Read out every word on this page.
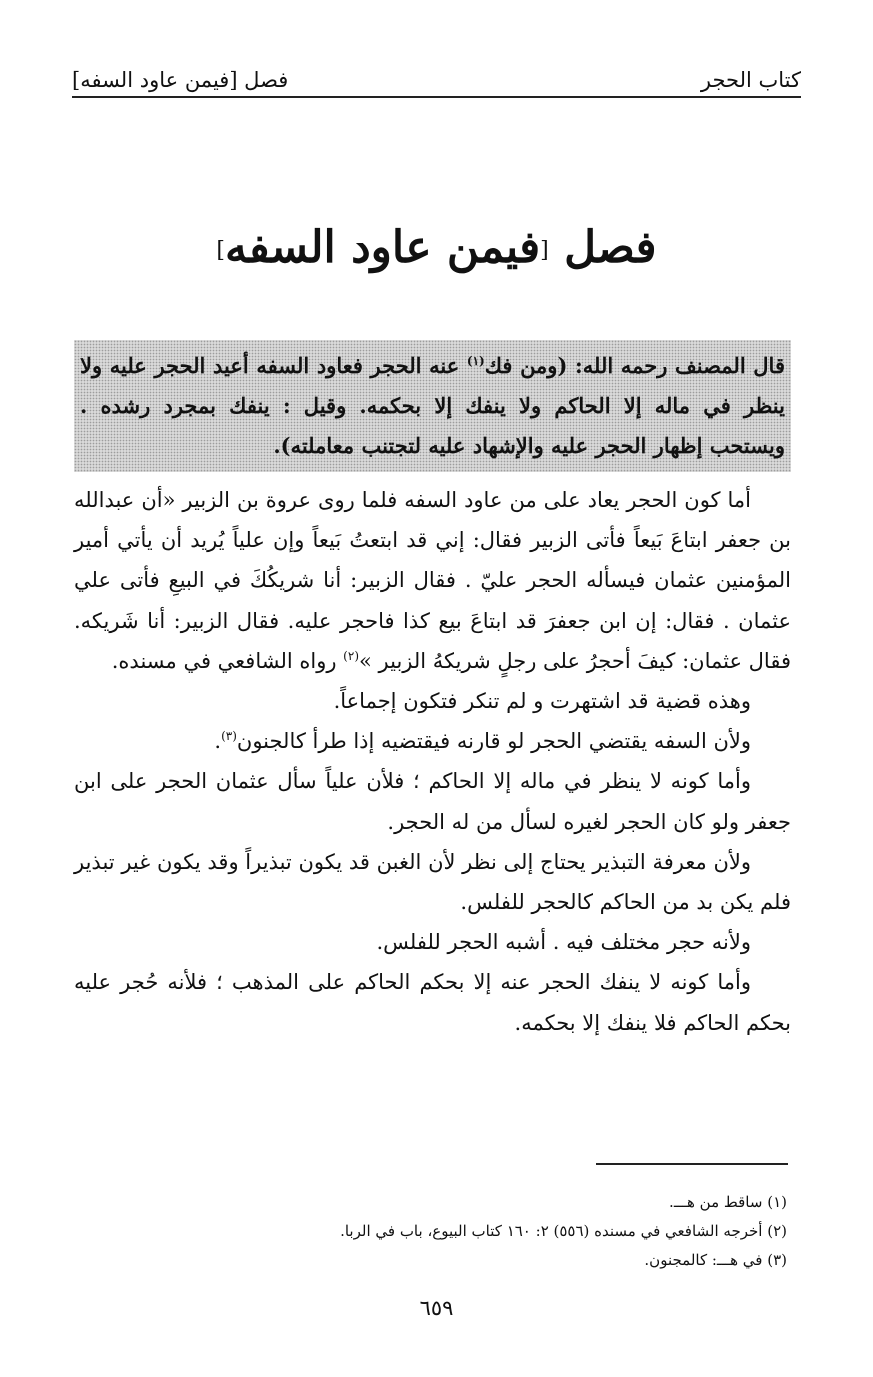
كتاب الحجر
فصل [فيمن عاود السفه]
فصل [فيمن عاود السفه]
قال المصنف رحمه الله: (ومن فك$^{(١)}$ عنه الحجر فعاود السفه أعيد الحجر عليه ولا ينظر في ماله إلا الحاكم ولا ينفك إلا بحكمه. وقيل : ينفك بمجرد رشده . ويستحب إظهار الحجر عليه والإشهاد عليه لتجتنب معاملته).

أما كون الحجر يعاد على من عاود السفه فلما روى عروة بن الزبير «أن عبدالله بن جعفر ابتاعَ بَيعاً فأتى الزبير فقال: إني قد ابتعتُ بَيعاً وإن علياً يُريد أن يأتي أمير المؤمنين عثمان فيسأله الحجر عليّ . فقال الزبير: أنا شريكُكَ في البيعِ فأتى علي عثمان . فقال: إن ابن جعفرَ قد ابتاعَ بيع كذا فاحجر عليه. فقال الزبير: أنا شَريكه. فقال عثمان: كيفَ أحجرُ على رجلٍ شريكهُ الزبير »$^{(٢)}$ رواه الشافعي في مسنده.

وهذه قضية قد اشتهرت و لم تنكر فتكون إجماعاً.

ولأن السفه يقتضي الحجر لو قارنه فيقتضيه إذا طرأ كالجنون$^{(٣)}$.

وأما كونه لا ينظر في ماله إلا الحاكم ؛ فلأن علياً سأل عثمان الحجر على ابن جعفر ولو كان الحجر لغيره لسأل من له الحجر.

ولأن معرفة التبذير يحتاج إلى نظر لأن الغبن قد يكون تبذيراً وقد يكون غير تبذير فلم يكن بد من الحاكم كالحجر للفلس.

ولأنه حجر مختلف فيه . أشبه الحجر للفلس.

وأما كونه لا ينفك الحجر عنه إلا بحكم الحاكم على المذهب ؛ فلأنه حُجر عليه بحكم الحاكم فلا ينفك إلا بحكمه.

(١) ساقط من هـــ.

(٢) أخرجه الشافعي في مسنده (٥٥٦) ٢: ١٦٠ كتاب البيوع، باب في الربا.

(٣) في هـــ: كالمجنون.

٦٥٩
